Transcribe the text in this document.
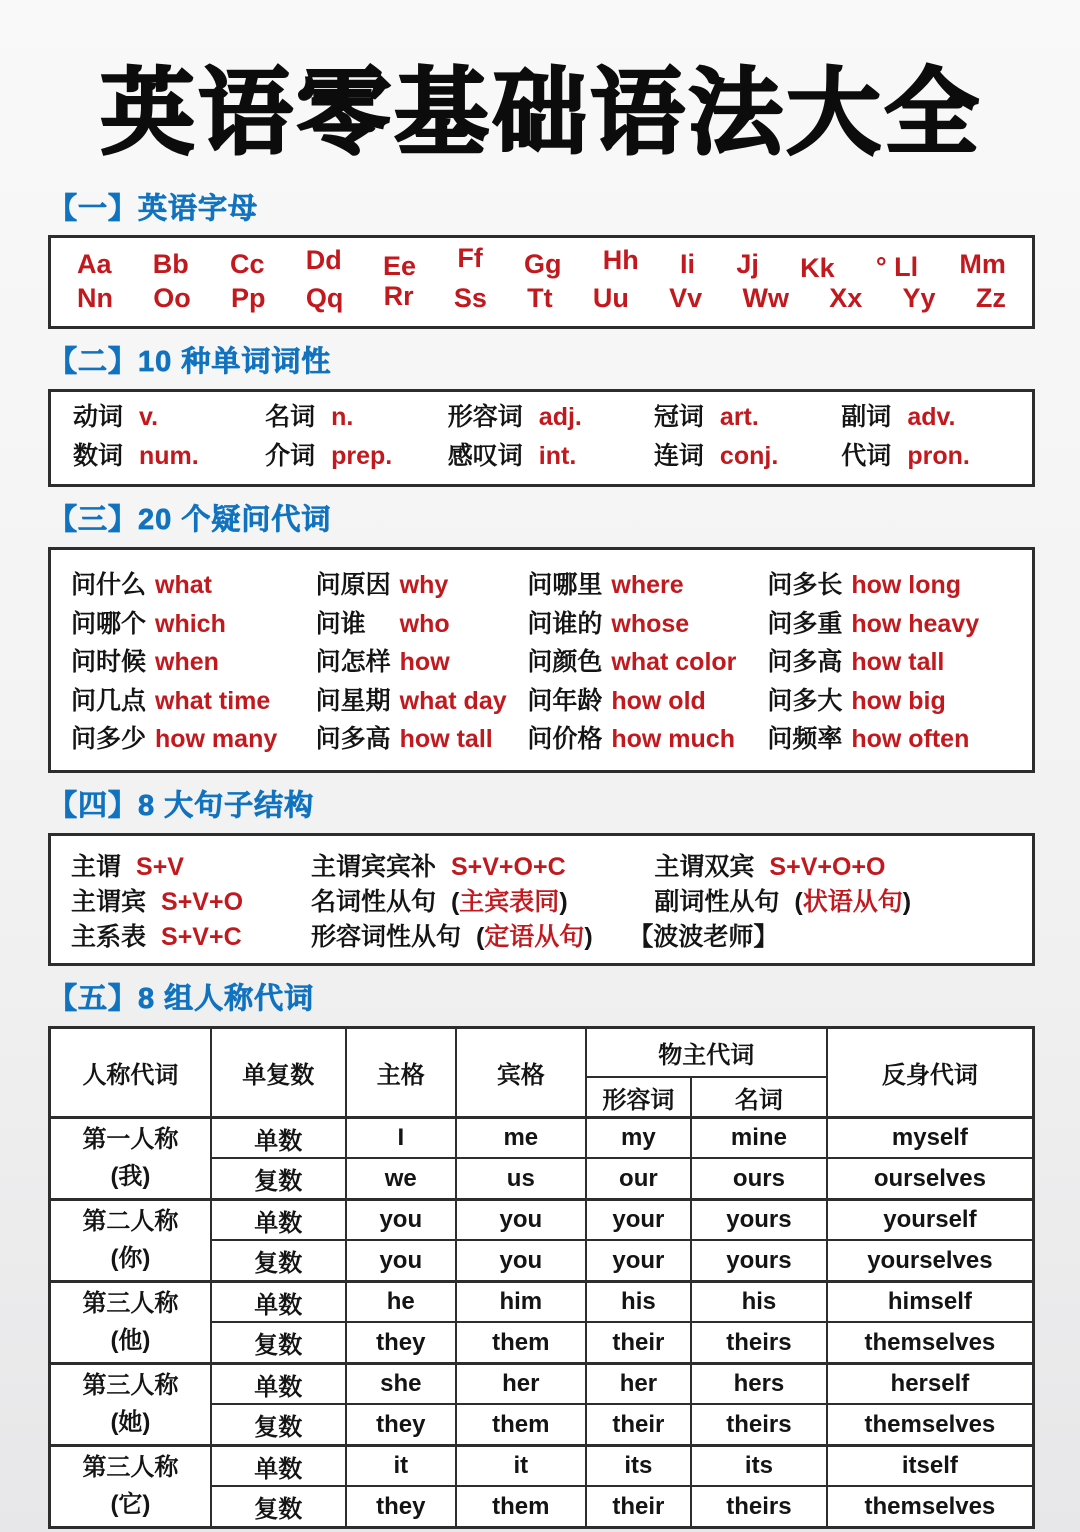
英语零基础语法大全
【一】英语字母
Aa Bb Cc Dd Ee Ff Gg Hh Ii Jj Kk ° Ll Mm
Nn Oo Pp Qq Rr Ss Tt Uu Vv Ww Xx Yy Zz
【二】10 种单词词性
动词 v.	名词 n.	形容词 adj.	冠词 art.	副词 adv.
数词 num.	介词 prep.	感叹词 int.	连词 conj.	代词 pron.
【三】20 个疑问代词
问什么 what	问原因 why	问哪里 where	问多长 how long
问哪个 which	问谁 who	问谁的 whose	问多重 how heavy
问时候 when	问怎样 how	问颜色 what color	问多高 how tall
问几点 what time	问星期 what day 问年龄 how old	问多大 how big
问多少 how many	问多高 how tall	问价格 how much	问频率 how often
【四】8 大句子结构
主谓 S+V	主谓宾宾补 S+V+O+C	主谓双宾 S+V+O+O
主谓宾 S+V+O	名词性从句 (主宾表同)	副词性从句 (状语从句)
主系表 S+V+C	形容词性从句 (定语从句)	【波波老师】
【五】8 组人称代词
人称代词	单复数	主格	宾格	物主代词		反身代词
				形容词	名词	

第一人称
(我)	单数	I	me	my	mine	myself
	复数	we	us	our	ours	ourselves

第二人称
(你)	单数	you	you	your	yours	yourself
	复数	you	you	your	yours	yourselves

第三人称
(他)	单数	he	him	his	his	himself
	复数	they	them	their	theirs	themselves

第三人称
(她)	单数	she	her	her	hers	herself
	复数	they	them	their	theirs	themselves

第三人称
(它)	单数	it	it	its	its	itself
	复数	they	them	their	theirs	themselves
